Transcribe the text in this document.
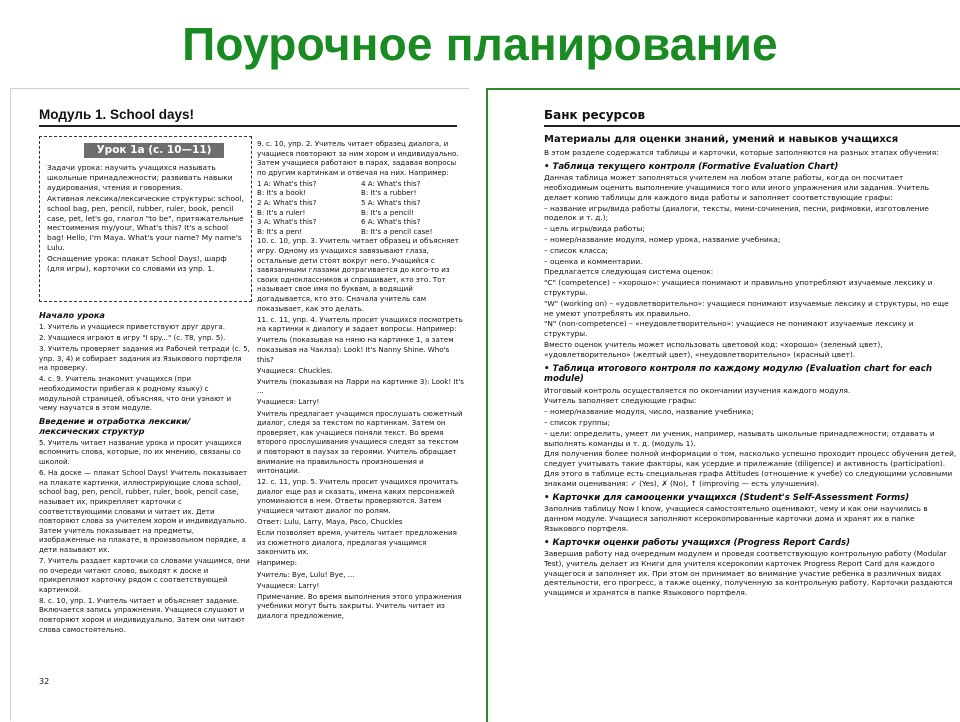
Поурочное планирование
Модуль 1. School days!
Урок 1а (с. 10—11)

Задачи урока: научить учащихся называть школьные принадлежности; развивать навыки аудирования, чтения и говорения.

Активная лексика/лексические структуры: school, school bag, pen, pencil, rubber, ruler, book, pencil case, pet, let's go, глагол "to be", притяжательные местоимения my/your, What's this? It's a school bag! Hello, I'm Maya. What's your name? My name's Lulu.

Оснащение урока: плакат School Days!, шарф (для игры), карточки со словами из упр. 1.

Начало урока

1. Учитель и учащиеся приветствуют друг друга.

2. Учащиеся играют в игру "I spy..." (с. Т8, упр. 5).

3. Учитель проверяет задания из Рабочей тетради (с. 5, упр. 3, 4) и собирает задания из Языкового портфеля на проверку.

4. с. 9. Учитель знакомит учащихся (при необходимости прибегая к родному языку) с модульной страницей, объясняя, что они узнают и чему научатся в этом модуле.

Введение и отработка лексики/лексических структур

5. Учитель читает название урока и просит учащихся вспомнить слова, которые, по их мнению, связаны со школой.

6. На доске — плакат School Days! Учитель показывает на плакате картинки, иллюстрирующие слова school, school bag, pen, pencil, rubber, ruler, book, pencil case, называет их, прикрепляет карточки с соответствующими словами и читает их. Дети повторяют слова за учителем хором и индивидуально. Затем учитель показывает на предметы, изображенные на плакате, в произвольном порядке, а дети называют их.

7. Учитель раздает карточки со словами учащимся, они по очереди читают слово, выходят к доске и прикрепляют карточку рядом с соответствующей картинкой.

8. с. 10, упр. 1. Учитель читает и объясняет задание. Включается запись упражнения. Учащиеся слушают и повторяют хором и индивидуально. Затем они читают слова самостоятельно.

9. с. 10, упр. 2. Учитель читает образец диалога, и учащиеся повторяют за ним хором и индивидуально. Затем учащиеся работают в парах, задавая вопросы по другим картинкам и отвечая на них. Например:

1 A: What's this?	4 A: What's this?
B: It's a book!	B: It's a rubber!
2 A: What's this?	5 A: What's this?
B: It's a ruler!	B: It's a pencil!
3 A: What's this?	6 A: What's this?
B: It's a pen!	B: It's a pencil case!

10. с. 10, упр. 3. Учитель читает образец и объясняет игру. Одному из учащихся завязывают глаза, остальные дети стоят вокруг него. Учащийся с завязанными глазами дотрагивается до кого-то из своих одноклассников и спрашивает, кто это. Тот называет свое имя по буквам, а водящий догадывается, кто это. Сначала учитель сам показывает, как это делать.

11. с. 11, упр. 4. Учитель просит учащихся посмотреть на картинки к диалогу и задает вопросы. Например:

Учитель (показывая на няню на картинке 1, а затем показывая на Чаклза): Look! It's Nanny Shine. Who's this?

Учащиеся: Chuckles.

Учитель (показывая на Ларри на картинке 3): Look! It's ...

Учащиеся: Larry!

Учитель предлагает учащимся прослушать сюжетный диалог, следя за текстом по картинкам. Затем он проверяет, как учащиеся поняли текст. Во время второго прослушивания учащиеся следят за текстом и повторяют в паузах за героями. Учитель обращает внимание на правильность произношения и интонации.

12. с. 11, упр. 5. Учитель просит учащихся прочитать диалог еще раз и сказать, имена каких персонажей упоминаются в нем. Ответы проверяются. Затем учащиеся читают диалог по ролям.

Ответ: Lulu, Larry, Maya, Paco, Chuckles

Если позволяет время, учитель читает предложения из сюжетного диалога, предлагая учащимся закончить их.

Например:

Учитель: Bye, Lulu! Bye, ...

Учащиеся: Larry!

Примечание. Во время выполнения этого упражнения учебники могут быть закрыты. Учитель читает из диалога предложение,

32
Банк ресурсов
Материалы для оценки знаний, умений и навыков учащихся

В этом разделе содержатся таблицы и карточки, которые заполняются на разных этапах обучения:

• Таблица текущего контроля (Formative Evaluation Chart)

Данная таблица может заполняться учителем на любом этапе работы, когда он посчитает необходимым оценить выполнение учащимися того или иного упражнения или задания. Учитель делает копию таблицы для каждого вида работы и заполняет соответствующие графы:

– название игры/вида работы (диалоги, тексты, мини-сочинения, песни, рифмовки, изготовление поделок и т. д.);

– цель игры/вида работы;

– номер/название модуля, номер урока, название учебника;

– список класса;

– оценка и комментарии.

Предлагается следующая система оценок:

"C" (competence) – «хорошо»: учащиеся понимают и правильно употребляют изучаемые лексику и структуры.

"W" (working on) – «удовлетворительно»: учащиеся понимают изучаемые лексику и структуры, но еще не умеют употреблять их правильно.

"N" (non-competence) – «неудовлетворительно»: учащиеся не понимают изучаемые лексику и структуры.

Вместо оценок учитель может использовать цветовой код: «хорошо» (зеленый цвет), «удовлетворительно» (желтый цвет), «неудовлетворительно» (красный цвет).

• Таблица итогового контроля по каждому модулю (Evaluation chart for each module)

Итоговый контроль осуществляется по окончании изучения каждого модуля.

Учитель заполняет следующие графы:

– номер/название модуля, число, название учебника;

– список группы;

– цели: определить, умеет ли ученик, например, называть школьные принадлежности; отдавать и выполнять команды и т. д. (модуль 1).

Для получения более полной информации о том, насколько успешно проходит процесс обучения детей, следует учитывать такие факторы, как усердие и прилежание (diligence) и активность (participation). Для этого в таблице есть специальная графа Attitudes (отношение к учебе) со следующими условными знаками оценивания: ✓ (Yes), ✗ (No), ↑ (improving — есть улучшения).

• Карточки для самооценки учащихся (Student's Self-Assessment Forms)

Заполнив таблицу Now I know, учащиеся самостоятельно оценивают, чему и как они научились в данном модуле. Учащиеся заполняют ксерокопированные карточки дома и хранят их в папке Языкового портфеля.

• Карточки оценки работы учащихся (Progress Report Cards)

Завершив работу над очередным модулем и проведя соответствующую контрольную работу (Modular Test), учитель делает из Книги для учителя ксерокопии карточек Progress Report Card для каждого учащегося и заполняет их. При этом он принимает во внимание участие ребенка в различных видах деятельности, его прогресс, а также оценку, полученную за контрольную работу. Карточки раздаются учащимся и хранятся в папке Языкового портфеля.
